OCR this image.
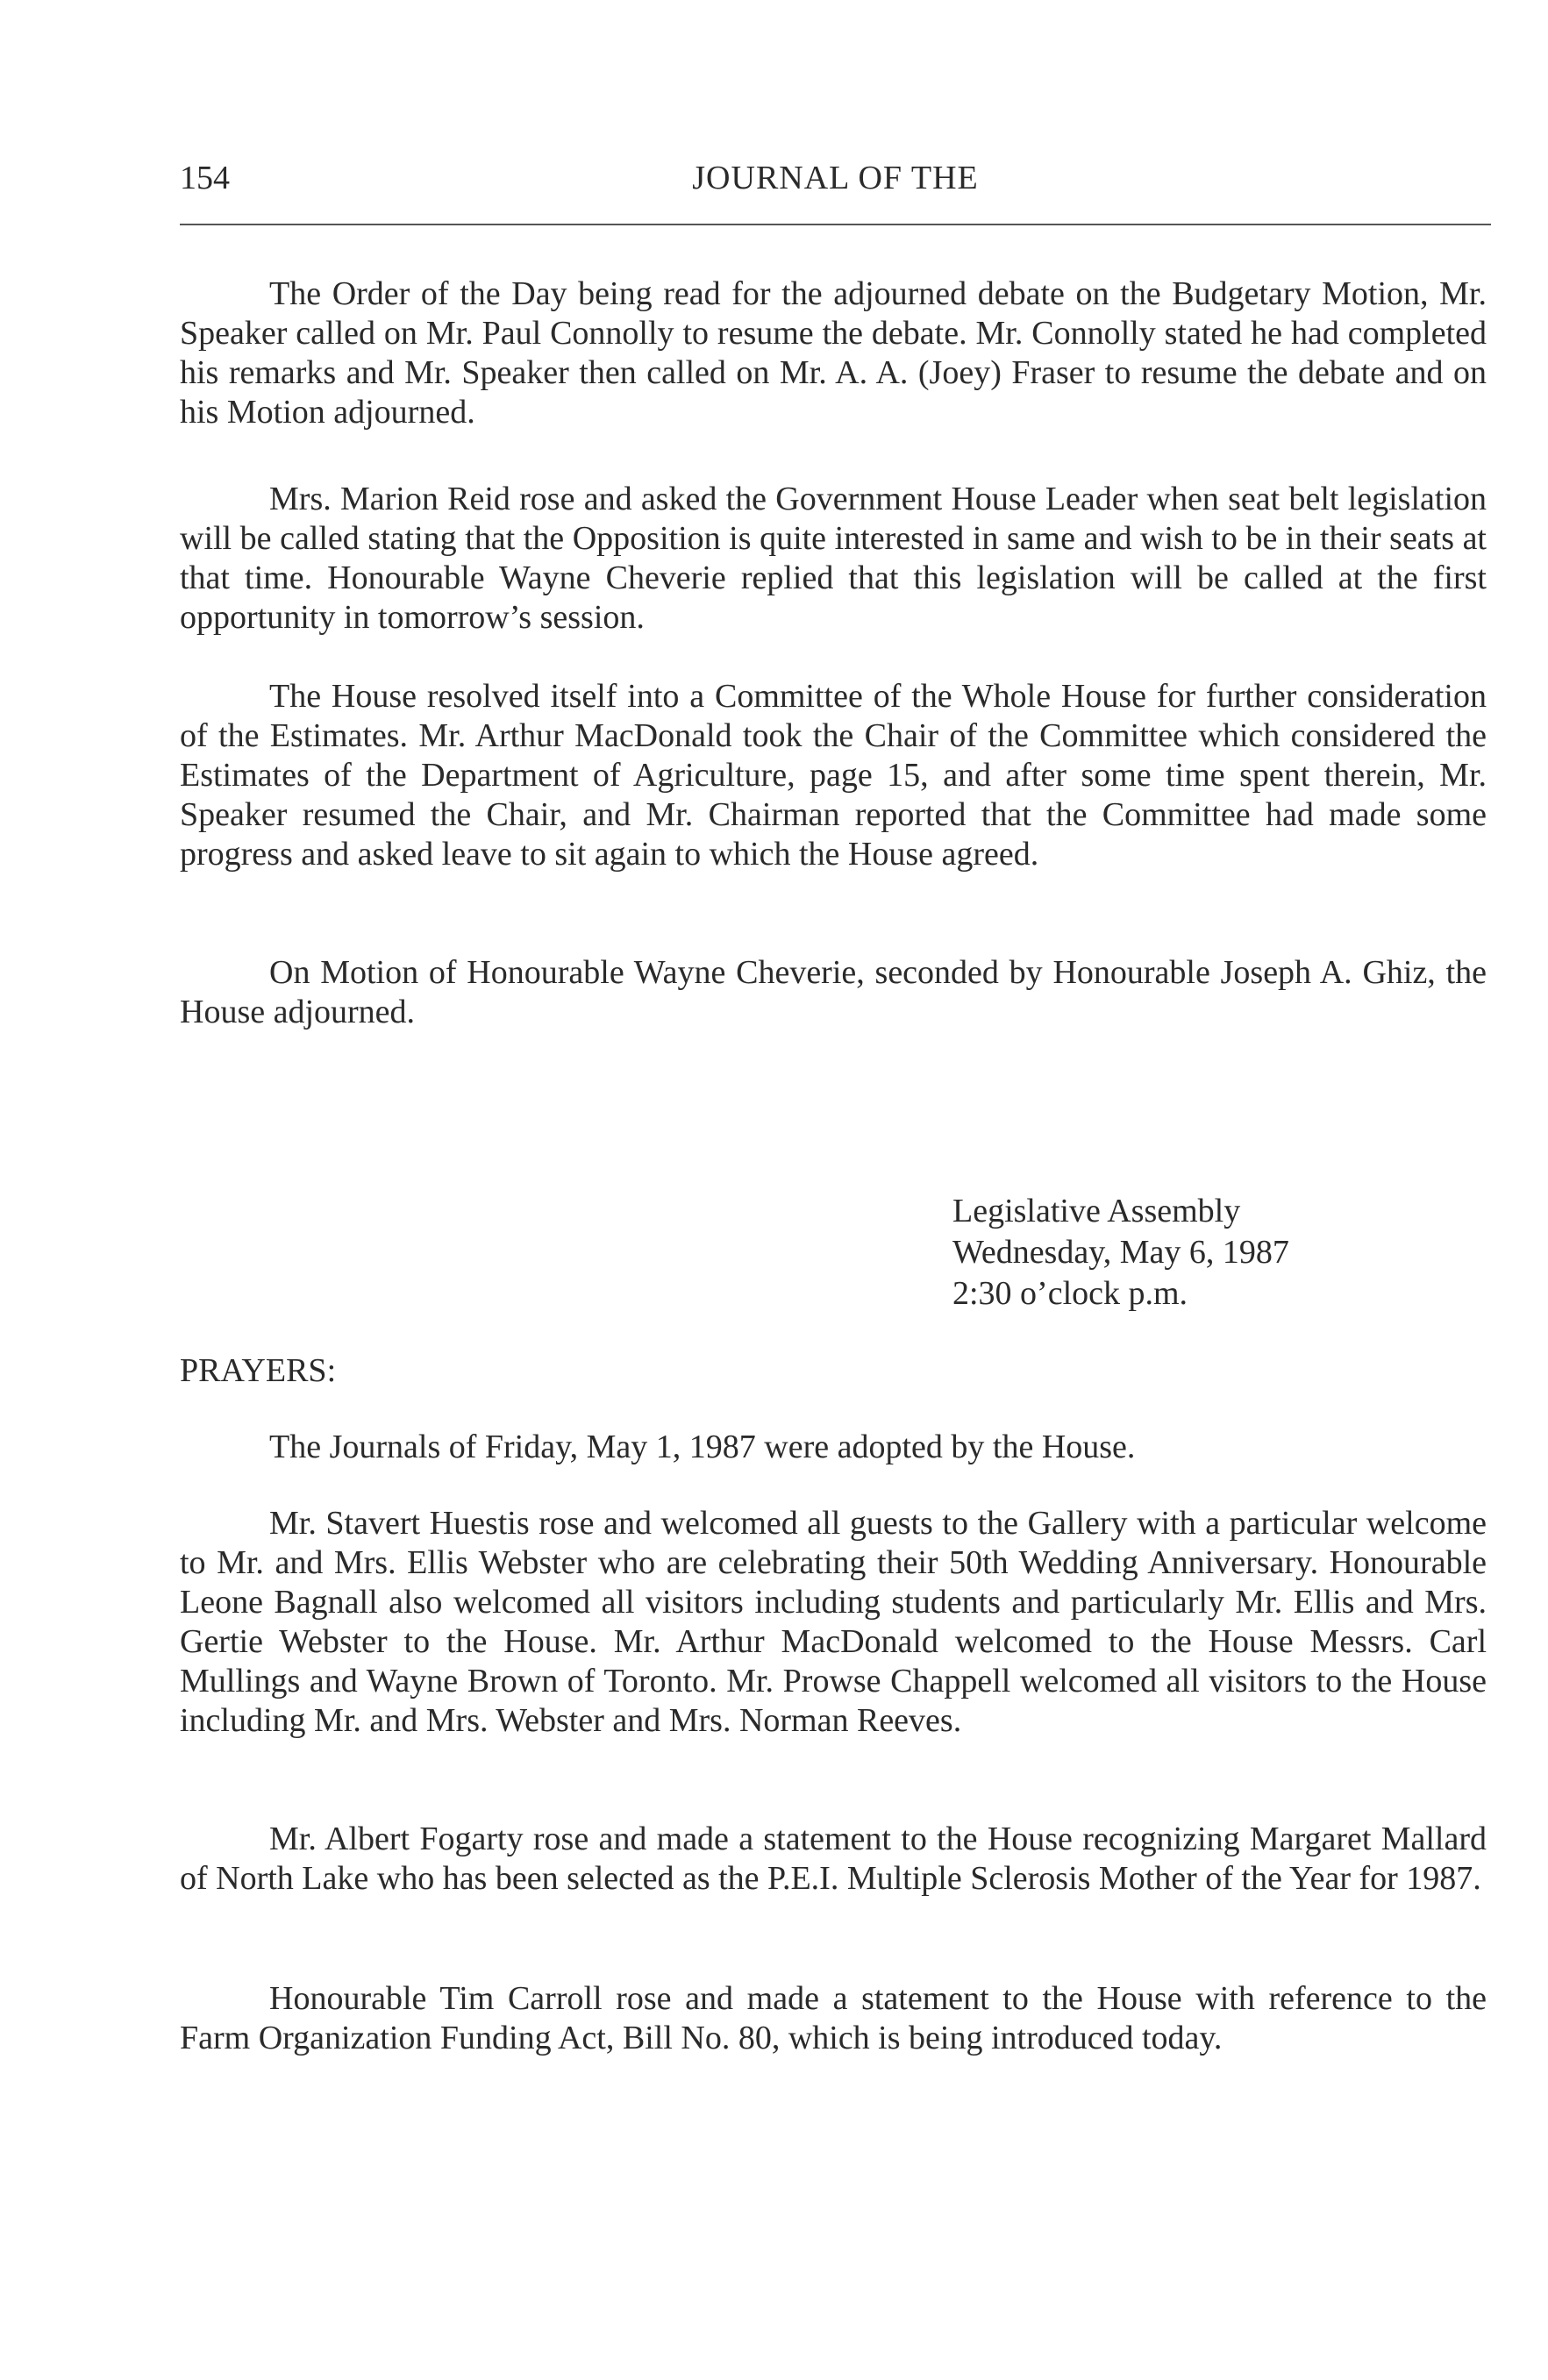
154	JOURNAL OF THE

The Order of the Day being read for the adjourned debate on the Budgetary Motion, Mr. Speaker called on Mr. Paul Connolly to resume the debate. Mr. Connolly stated he had completed his remarks and Mr. Speaker then called on Mr. A. A. (Joey) Fraser to resume the debate and on his Motion adjourned.

Mrs. Marion Reid rose and asked the Government House Leader when seat belt legislation will be called stating that the Opposition is quite interested in same and wish to be in their seats at that time. Honourable Wayne Cheverie replied that this legislation will be called at the first opportunity in tomorrow’s session.

The House resolved itself into a Committee of the Whole House for further consideration of the Estimates. Mr. Arthur MacDonald took the Chair of the Committee which considered the Estimates of the Department of Agriculture, page 15, and after some time spent therein, Mr. Speaker resumed the Chair, and Mr. Chairman reported that the Committee had made some progress and asked leave to sit again to which the House agreed.

On Motion of Honourable Wayne Cheverie, seconded by Honourable Joseph A. Ghiz, the House adjourned.

Legislative Assembly
Wednesday, May 6, 1987
2:30 o’clock p.m.

PRAYERS:

The Journals of Friday, May 1, 1987 were adopted by the House.

Mr. Stavert Huestis rose and welcomed all guests to the Gallery with a particular welcome to Mr. and Mrs. Ellis Webster who are celebrating their 50th Wedding Anniversary. Honourable Leone Bagnall also welcomed all visitors including students and particularly Mr. Ellis and Mrs. Gertie Webster to the House. Mr. Arthur MacDonald welcomed to the House Messrs. Carl Mullings and Wayne Brown of Toronto. Mr. Prowse Chappell welcomed all visitors to the House including Mr. and Mrs. Webster and Mrs. Norman Reeves.

Mr. Albert Fogarty rose and made a statement to the House recognizing Margaret Mallard of North Lake who has been selected as the P.E.I. Multiple Sclerosis Mother of the Year for 1987.

Honourable Tim Carroll rose and made a statement to the House with reference to the Farm Organization Funding Act, Bill No. 80, which is being introduced today.
